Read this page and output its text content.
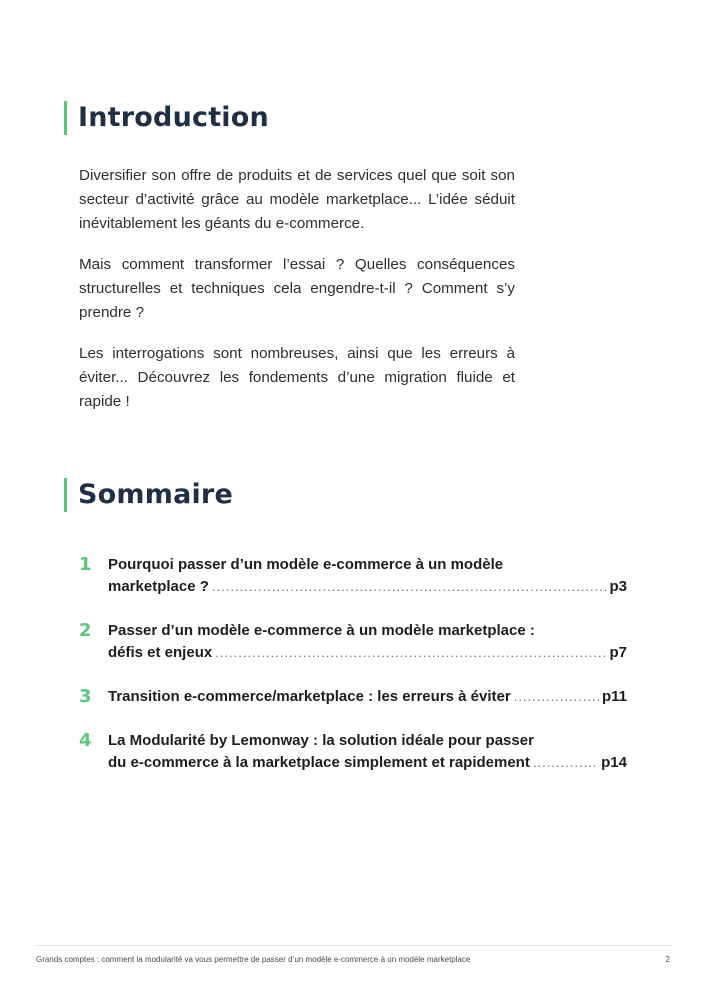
Introduction

Diversifier son offre de produits et de services quel que soit son secteur d’activité grâce au modèle marketplace... L’idée séduit inévitablement les géants du e-commerce.

Mais comment transformer l’essai ? Quelles conséquences structurelles et techniques cela engendre-t-il ? Comment s’y prendre ?

Les interrogations sont nombreuses, ainsi que les erreurs à éviter... Découvrez les fondements d’une migration fluide et rapide !

Sommaire
1 Pourquoi passer d’un modèle e-commerce à un modèle
marketplace ? .....	p3
2 Passer d’un modèle e-commerce à un modèle marketplace :
défis et enjeux .....	p7
3 Transition e-commerce/marketplace : les erreurs à éviter .....	p11
4 La Modularité by Lemonway : la solution idéale pour passer
du e-commerce à la marketplace simplement et rapidement .....	p14
Grands comptes : comment la modularité va vous permettre de passer d’un modèle e-commerce à un modèle marketplace	2
